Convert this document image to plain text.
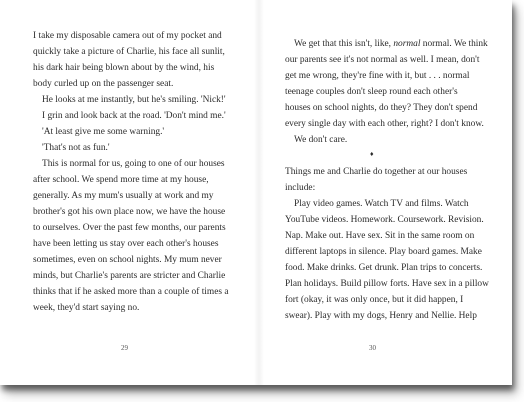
I take my disposable camera out of my pocket and

quickly take a picture of Charlie, his face all sunlit,

his dark hair being blown about by the wind, his

body curled up on the passenger seat.

He looks at me instantly, but he's smiling. 'Nick!'

I grin and look back at the road. 'Don't mind me.'

'At least give me some warning.'

'That's not as fun.'

This is normal for us, going to one of our houses

after school. We spend more time at my house,

generally. As my mum's usually at work and my

brother's got his own place now, we have the house

to ourselves. Over the past few months, our parents

have been letting us stay over each other's houses

sometimes, even on school nights. My mum never

minds, but Charlie's parents are stricter and Charlie

thinks that if he asked more than a couple of times a

week, they'd start saying no.

29

We get that this isn't, like, normal normal. We think

our parents see it's not normal as well. I mean, don't

get me wrong, they're fine with it, but . . . normal

teenage couples don't sleep round each other's

houses on school nights, do they? They don't spend

every single day with each other, right? I don't know.

We don't care.

♦

Things me and Charlie do together at our houses

include:

Play video games. Watch TV and films. Watch

YouTube videos. Homework. Coursework. Revision.

Nap. Make out. Have sex. Sit in the same room on

different laptops in silence. Play board games. Make

food. Make drinks. Get drunk. Plan trips to concerts.

Plan holidays. Build pillow forts. Have sex in a pillow

fort (okay, it was only once, but it did happen, I

swear). Play with my dogs, Henry and Nellie. Help

30
